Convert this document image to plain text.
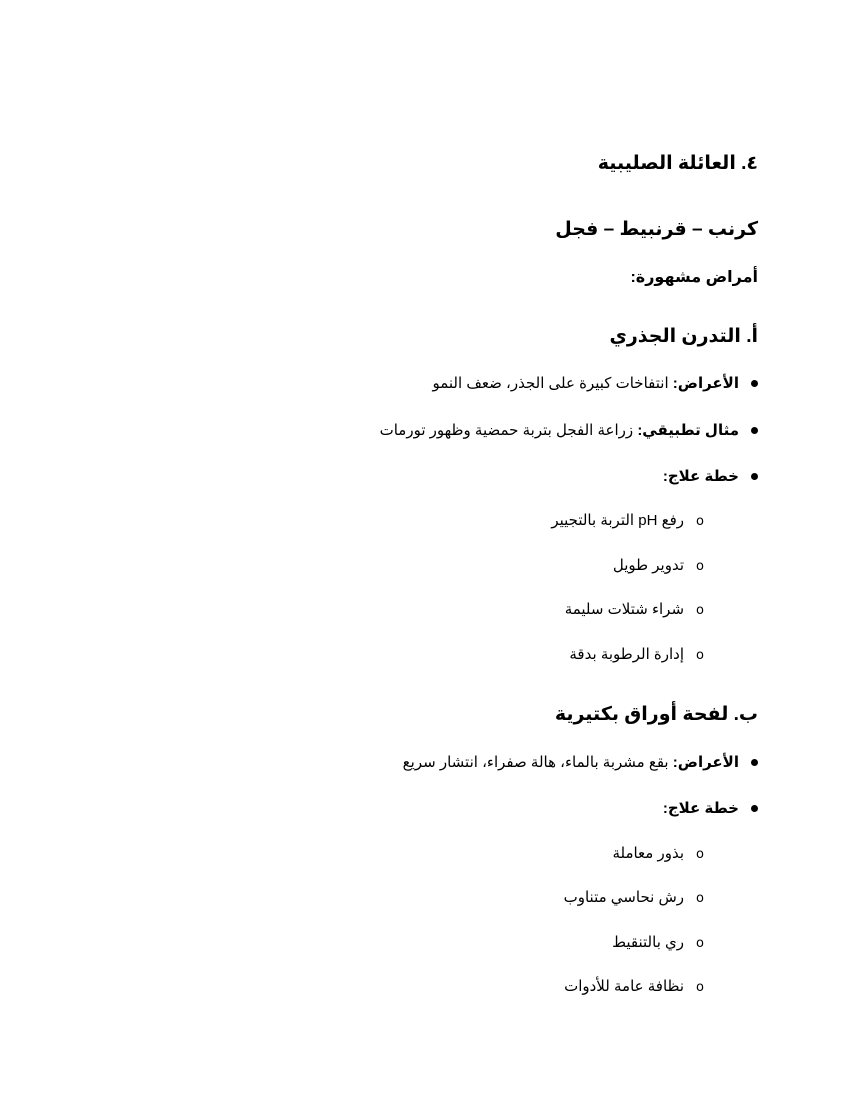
٤. العائلة الصليبية
كرنب – قرنبيط – فجل
أمراض مشهورة:
أ. التدرن الجذري
الأعراض: انتفاخات كبيرة على الجذر، ضعف النمو
مثال تطبيقي: زراعة الفجل بتربة حمضية وظهور تورمات
خطة علاج:
oرفع pH التربة بالتجيير
oتدوير طويل
oشراء شتلات سليمة
oإدارة الرطوبة بدقة
ب. لفحة أوراق بكتيرية
الأعراض: بقع مشربة بالماء، هالة صفراء، انتشار سريع
خطة علاج:
oبذور معاملة
oرش نحاسي متناوب
oري بالتنقيط
oنظافة عامة للأدوات
